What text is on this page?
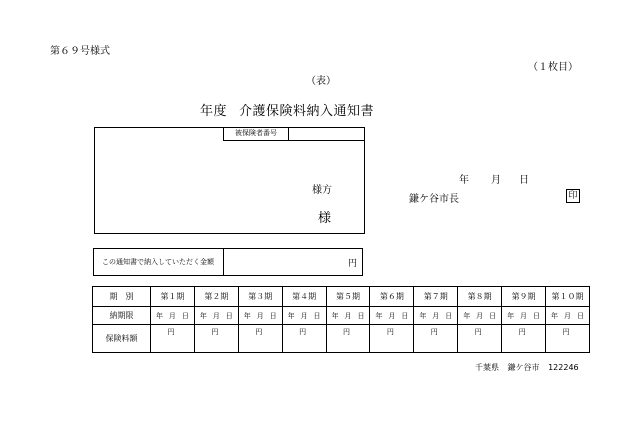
第６９号様式
（１枚目）
（表）
年度 介護保険料納入通知書
被保険者番号
様方
様
年 月 日
鎌ケ谷市長	印
この通知書で納入していただく金額	円
期　別	第１期	第２期	第３期	第４期	第５期	第６期	第７期	第８期	第９期	第１０期
納期限	年 月 日	年 月 日	年 月 日	年 月 日	年 月 日	年 月 日	年 月 日	年 月 日	年 月 日	年 月 日

保険料額	円	円	円	円	円	円	円	円	円	円
千葉県 鎌ケ谷市 122246
